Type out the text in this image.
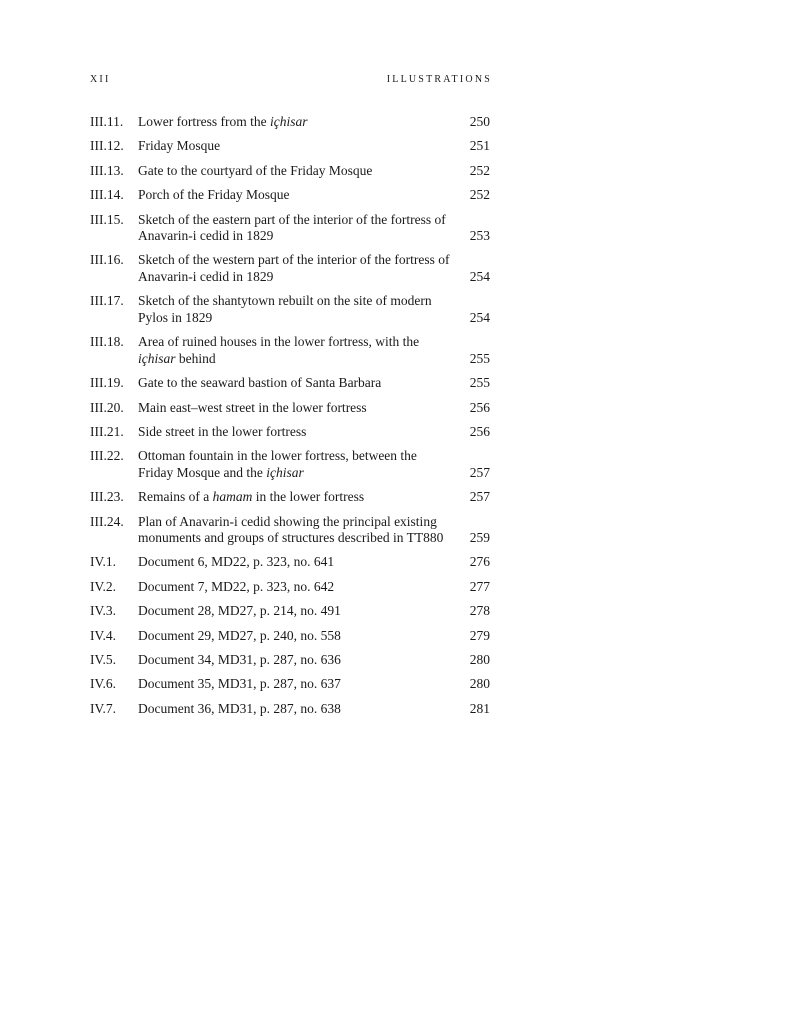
XII	ILLUSTRATIONS
III.11. Lower fortress from the içhisar	250
III.12. Friday Mosque	251
III.13. Gate to the courtyard of the Friday Mosque	252
III.14. Porch of the Friday Mosque	252
III.15. Sketch of the eastern part of the interior of the fortress of Anavarin-i cedid in 1829	253
III.16. Sketch of the western part of the interior of the fortress of Anavarin-i cedid in 1829	254
III.17. Sketch of the shantytown rebuilt on the site of modern Pylos in 1829	254
III.18. Area of ruined houses in the lower fortress, with the içhisar behind	255
III.19. Gate to the seaward bastion of Santa Barbara	255
III.20. Main east–west street in the lower fortress	256
III.21. Side street in the lower fortress	256
III.22. Ottoman fountain in the lower fortress, between the Friday Mosque and the içhisar	257
III.23. Remains of a hamam in the lower fortress	257
III.24. Plan of Anavarin-i cedid showing the principal existing monuments and groups of structures described in TT880	259
IV.1. Document 6, MD22, p. 323, no. 641	276
IV.2. Document 7, MD22, p. 323, no. 642	277
IV.3. Document 28, MD27, p. 214, no. 491	278
IV.4. Document 29, MD27, p. 240, no. 558	279
IV.5. Document 34, MD31, p. 287, no. 636	280
IV.6. Document 35, MD31, p. 287, no. 637	280
IV.7. Document 36, MD31, p. 287, no. 638	281
